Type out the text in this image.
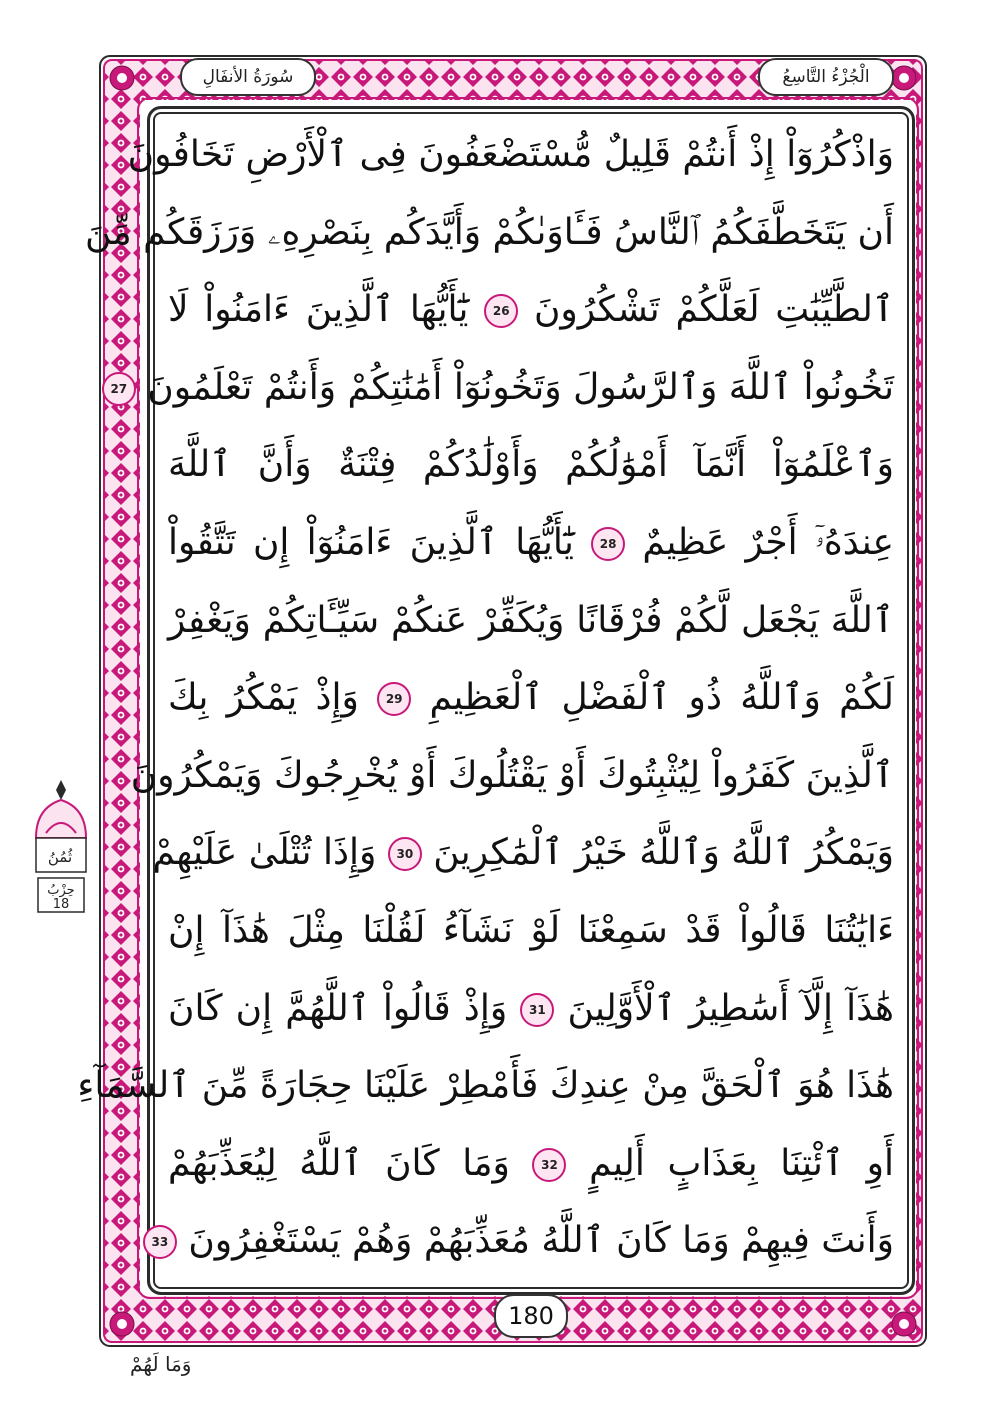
الْجُزْءُ التَّاسِعُ
سُورَةُ الأنفَالِ
وَاذْكُرُوٓاْ إِذْ أَنتُمْ قَلِيلٌ مُّسْتَضْعَفُونَ فِى ٱلْأَرْضِ تَخَافُونَ
أَن يَتَخَطَّفَكُمُ ٱلنَّاسُ فَـَٔاوَىٰكُمْ وَأَيَّدَكُم بِنَصْرِهِۦ وَرَزَقَكُم مِّنَ
ٱلطَّيِّبَٰتِ لَعَلَّكُمْ تَشْكُرُونَ 26 يَٰٓأَيُّهَا ٱلَّذِينَ ءَامَنُواْ لَا
تَخُونُواْ ٱللَّهَ وَٱلرَّسُولَ وَتَخُونُوٓاْ أَمَٰنَٰتِكُمْ وَأَنتُمْ تَعْلَمُونَ 27
وَٱعْلَمُوٓاْ أَنَّمَآ أَمْوَٰلُكُمْ وَأَوْلَٰدُكُمْ فِتْنَةٌ وَأَنَّ ٱللَّهَ
عِندَهُۥٓ أَجْرٌ عَظِيمٌ 28 يَٰٓأَيُّهَا ٱلَّذِينَ ءَامَنُوٓاْ إِن تَتَّقُواْ
ٱللَّهَ يَجْعَل لَّكُمْ فُرْقَانًا وَيُكَفِّرْ عَنكُمْ سَيِّـَٔاتِكُمْ وَيَغْفِرْ
لَكُمْ وَٱللَّهُ ذُو ٱلْفَضْلِ ٱلْعَظِيمِ 29 وَإِذْ يَمْكُرُ بِكَ
ٱلَّذِينَ كَفَرُواْ لِيُثْبِتُوكَ أَوْ يَقْتُلُوكَ أَوْ يُخْرِجُوكَ وَيَمْكُرُونَ
وَيَمْكُرُ ٱللَّهُ وَٱللَّهُ خَيْرُ ٱلْمَٰكِرِينَ 30 وَإِذَا تُتْلَىٰ عَلَيْهِمْ
ءَايَٰتُنَا قَالُواْ قَدْ سَمِعْنَا لَوْ نَشَآءُ لَقُلْنَا مِثْلَ هَٰذَآ إِنْ
هَٰذَآ إِلَّآ أَسَٰطِيرُ ٱلْأَوَّلِينَ 31 وَإِذْ قَالُواْ ٱللَّهُمَّ إِن كَانَ
هَٰذَا هُوَ ٱلْحَقَّ مِنْ عِندِكَ فَأَمْطِرْ عَلَيْنَا حِجَارَةً مِّنَ ٱلسَّمَآءِ
أَوِ ٱئْتِنَا بِعَذَابٍ أَلِيمٍ 32 وَمَا كَانَ ٱللَّهُ لِيُعَذِّبَهُمْ
وَأَنتَ فِيهِمْ وَمَا كَانَ ٱللَّهُ مُعَذِّبَهُمْ وَهُمْ يَسْتَغْفِرُونَ 33
180
وَمَا لَهُمْ
ثُمُنُ
حِزْبُ
18
